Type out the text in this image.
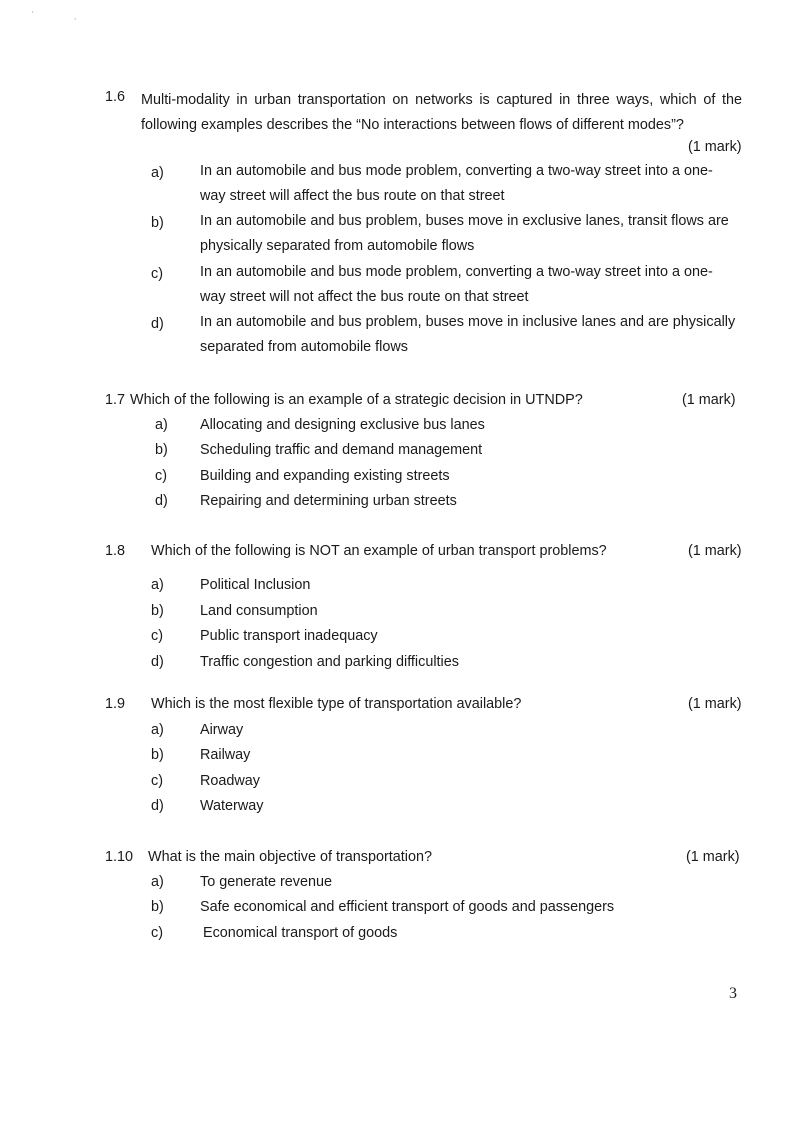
'	,
1.6 Multi-modality in urban transportation on networks is captured in three ways, which of the following examples describes the “No interactions between flows of different modes”?
(1 mark)
a)	In an automobile and bus mode problem, converting a two-way street into a one-way street will affect the bus route on that street
b)	In an automobile and bus problem, buses move in exclusive lanes, transit flows are physically separated from automobile flows
c)	In an automobile and bus mode problem, converting a two-way street into a one-way street will not affect the bus route on that street
d)	In an automobile and bus problem, buses move in inclusive lanes and are physically separated from automobile flows
1.7 Which of the following is an example of a strategic decision in UTNDP?	(1 mark)
a) Allocating and designing exclusive bus lanes
b) Scheduling traffic and demand management
c) Building and expanding existing streets
d) Repairing and determining urban streets
1.8 Which of the following is NOT an example of urban transport problems?	(1 mark)
a)	Political Inclusion
b)	Land consumption
c)	Public transport inadequacy
d)	Traffic congestion and parking difficulties
1.9 Which is the most flexible type of transportation available?	(1 mark)
a)	Airway
b)	Railway
c)	Roadway
d)	Waterway
1.10 What is the main objective of transportation?	(1 mark)
a)	To generate revenue
b)	Safe economical and efficient transport of goods and passengers
c)	Economical transport of goods
3
